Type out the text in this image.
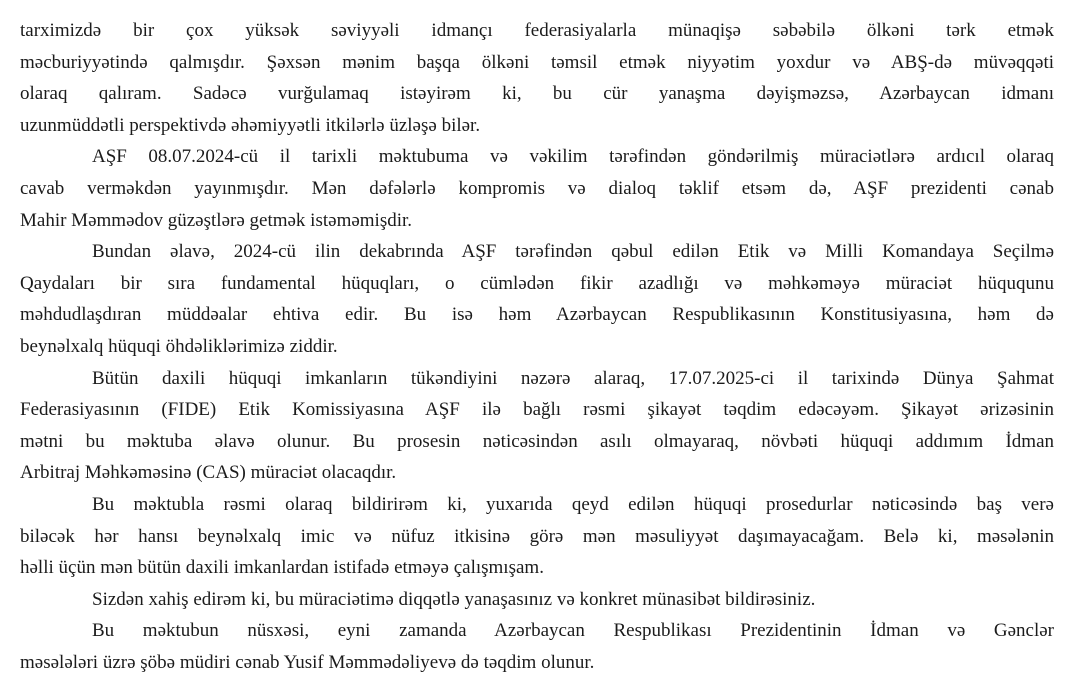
tarximizdə bir çox yüksək səviyyəli idmançı federasiyalarla münaqişə səbəbilə ölkəni tərk etmək
məcburiyyətində qalmışdır. Şəxsən mənim başqa ölkəni təmsil etmək niyyətim yoxdur və ABŞ-də müvəqqəti
olaraq qalıram. Sadəcə vurğulamaq istəyirəm ki, bu cür yanaşma dəyişməzsə, Azərbaycan idmanı
uzunmüddətli perspektivdə əhəmiyyətli itkilərlə üzləşə bilər.
AŞF 08.07.2024-cü il tarixli məktubuma və vəkilim tərəfindən göndərilmiş müraciətlərə ardıcıl olaraq
cavab verməkdən yayınmışdır. Mən dəfələrlə kompromis və dialoq təklif etsəm də, AŞF prezidenti cənab
Mahir Məmmədov güzəştlərə getmək istəməmişdir.
Bundan əlavə, 2024-cü ilin dekabrında AŞF tərəfindən qəbul edilən Etik və Milli Komandaya Seçilmə
Qaydaları bir sıra fundamental hüquqları, o cümlədən fikir azadlığı və məhkəməyə müraciət hüququnu
məhdudlaşdıran müddəalar ehtiva edir. Bu isə həm Azərbaycan Respublikasının Konstitusiyasına, həm də
beynəlxalq hüquqi öhdəliklərimizə ziddir.
Bütün daxili hüquqi imkanların tükəndiyini nəzərə alaraq, 17.07.2025-ci il tarixində Dünya Şahmat
Federasiyasının (FIDE) Etik Komissiyasına AŞF ilə bağlı rəsmi şikayət təqdim edəcəyəm. Şikayət ərizəsinin
mətni bu məktuba əlavə olunur. Bu prosesin nəticəsindən asılı olmayaraq, növbəti hüquqi addımım İdman
Arbitraj Məhkəməsinə (CAS) müraciət olacaqdır.
Bu məktubla rəsmi olaraq bildirirəm ki, yuxarıda qeyd edilən hüquqi prosedurlar nəticəsində baş verə
biləcək hər hansı beynəlxalq imic və nüfuz itkisinə görə mən məsuliyyət daşımayacağam. Belə ki, məsələnin
həlli üçün mən bütün daxili imkanlardan istifadə etməyə çalışmışam.
Sizdən xahiş edirəm ki, bu müraciətimə diqqətlə yanaşasınız və konkret münasibət bildirəsiniz.
Bu məktubun nüsxəsi, eyni zamanda Azərbaycan Respublikası Prezidentinin İdman və Gənclər
məsələləri üzrə şöbə müdiri cənab Yusif Məmmədəliyevə də təqdim olunur.
